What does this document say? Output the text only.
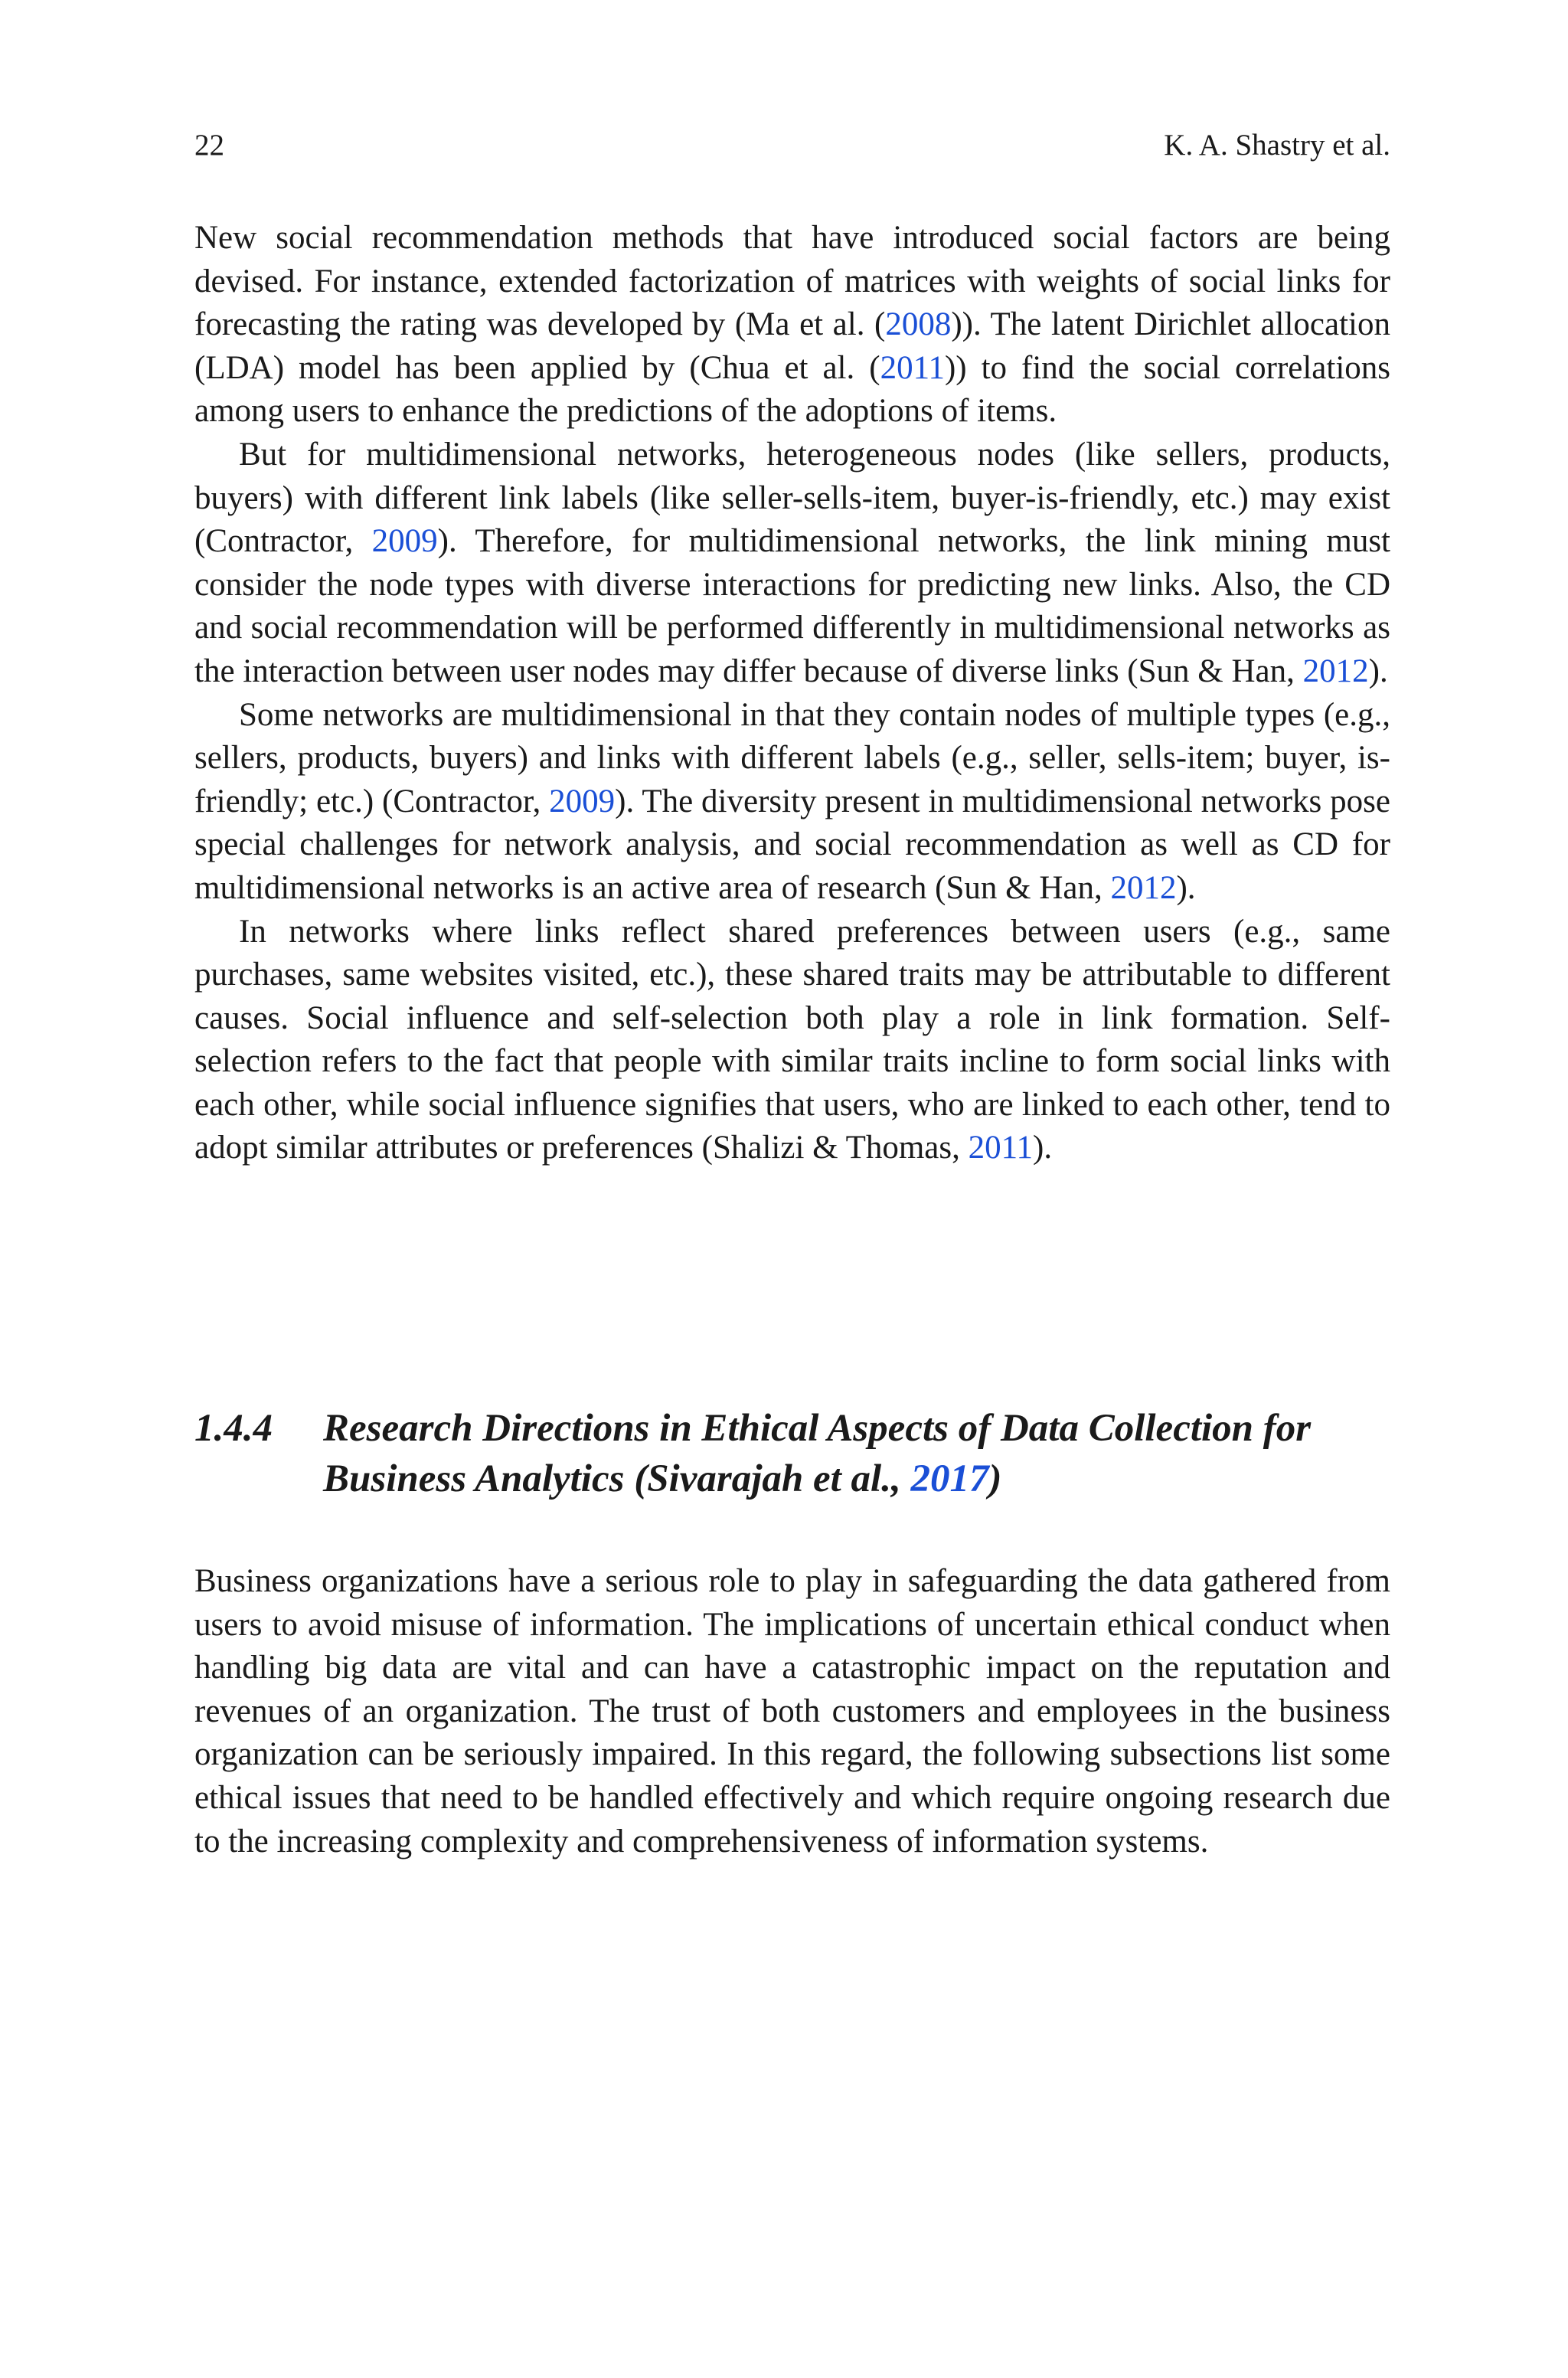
22	K. A. Shastry et al.

New social recommendation methods that have introduced social factors are being devised. For instance, extended factorization of matrices with weights of social links for forecasting the rating was developed by (Ma et al. (2008)). The latent Dirichlet allocation (LDA) model has been applied by (Chua et al. (2011)) to find the social correlations among users to enhance the predictions of the adoptions of items.

But for multidimensional networks, heterogeneous nodes (like sellers, products, buyers) with different link labels (like seller-sells-item, buyer-is-friendly, etc.) may exist (Contractor, 2009). Therefore, for multidimensional networks, the link mining must consider the node types with diverse interactions for predicting new links. Also, the CD and social recommendation will be performed differently in multidimensional networks as the interaction between user nodes may differ because of diverse links (Sun & Han, 2012).

Some networks are multidimensional in that they contain nodes of multiple types (e.g., sellers, products, buyers) and links with different labels (e.g., seller, sells-item; buyer, is-friendly; etc.) (Contractor, 2009). The diversity present in multidimensional networks pose special challenges for network analysis, and social recommendation as well as CD for multidimensional networks is an active area of research (Sun & Han, 2012).

In networks where links reflect shared preferences between users (e.g., same purchases, same websites visited, etc.), these shared traits may be attributable to different causes. Social influence and self-selection both play a role in link formation. Self-selection refers to the fact that people with similar traits incline to form social links with each other, while social influence signifies that users, who are linked to each other, tend to adopt similar attributes or preferences (Shalizi & Thomas, 2011).

1.4.4 Research Directions in Ethical Aspects of Data Collection for Business Analytics (Sivarajah et al., 2017)

Business organizations have a serious role to play in safeguarding the data gathered from users to avoid misuse of information. The implications of uncertain ethical conduct when handling big data are vital and can have a catastrophic impact on the reputation and revenues of an organization. The trust of both customers and employees in the business organization can be seriously impaired. In this regard, the following subsections list some ethical issues that need to be handled effectively and which require ongoing research due to the increasing complexity and comprehensiveness of information systems.
